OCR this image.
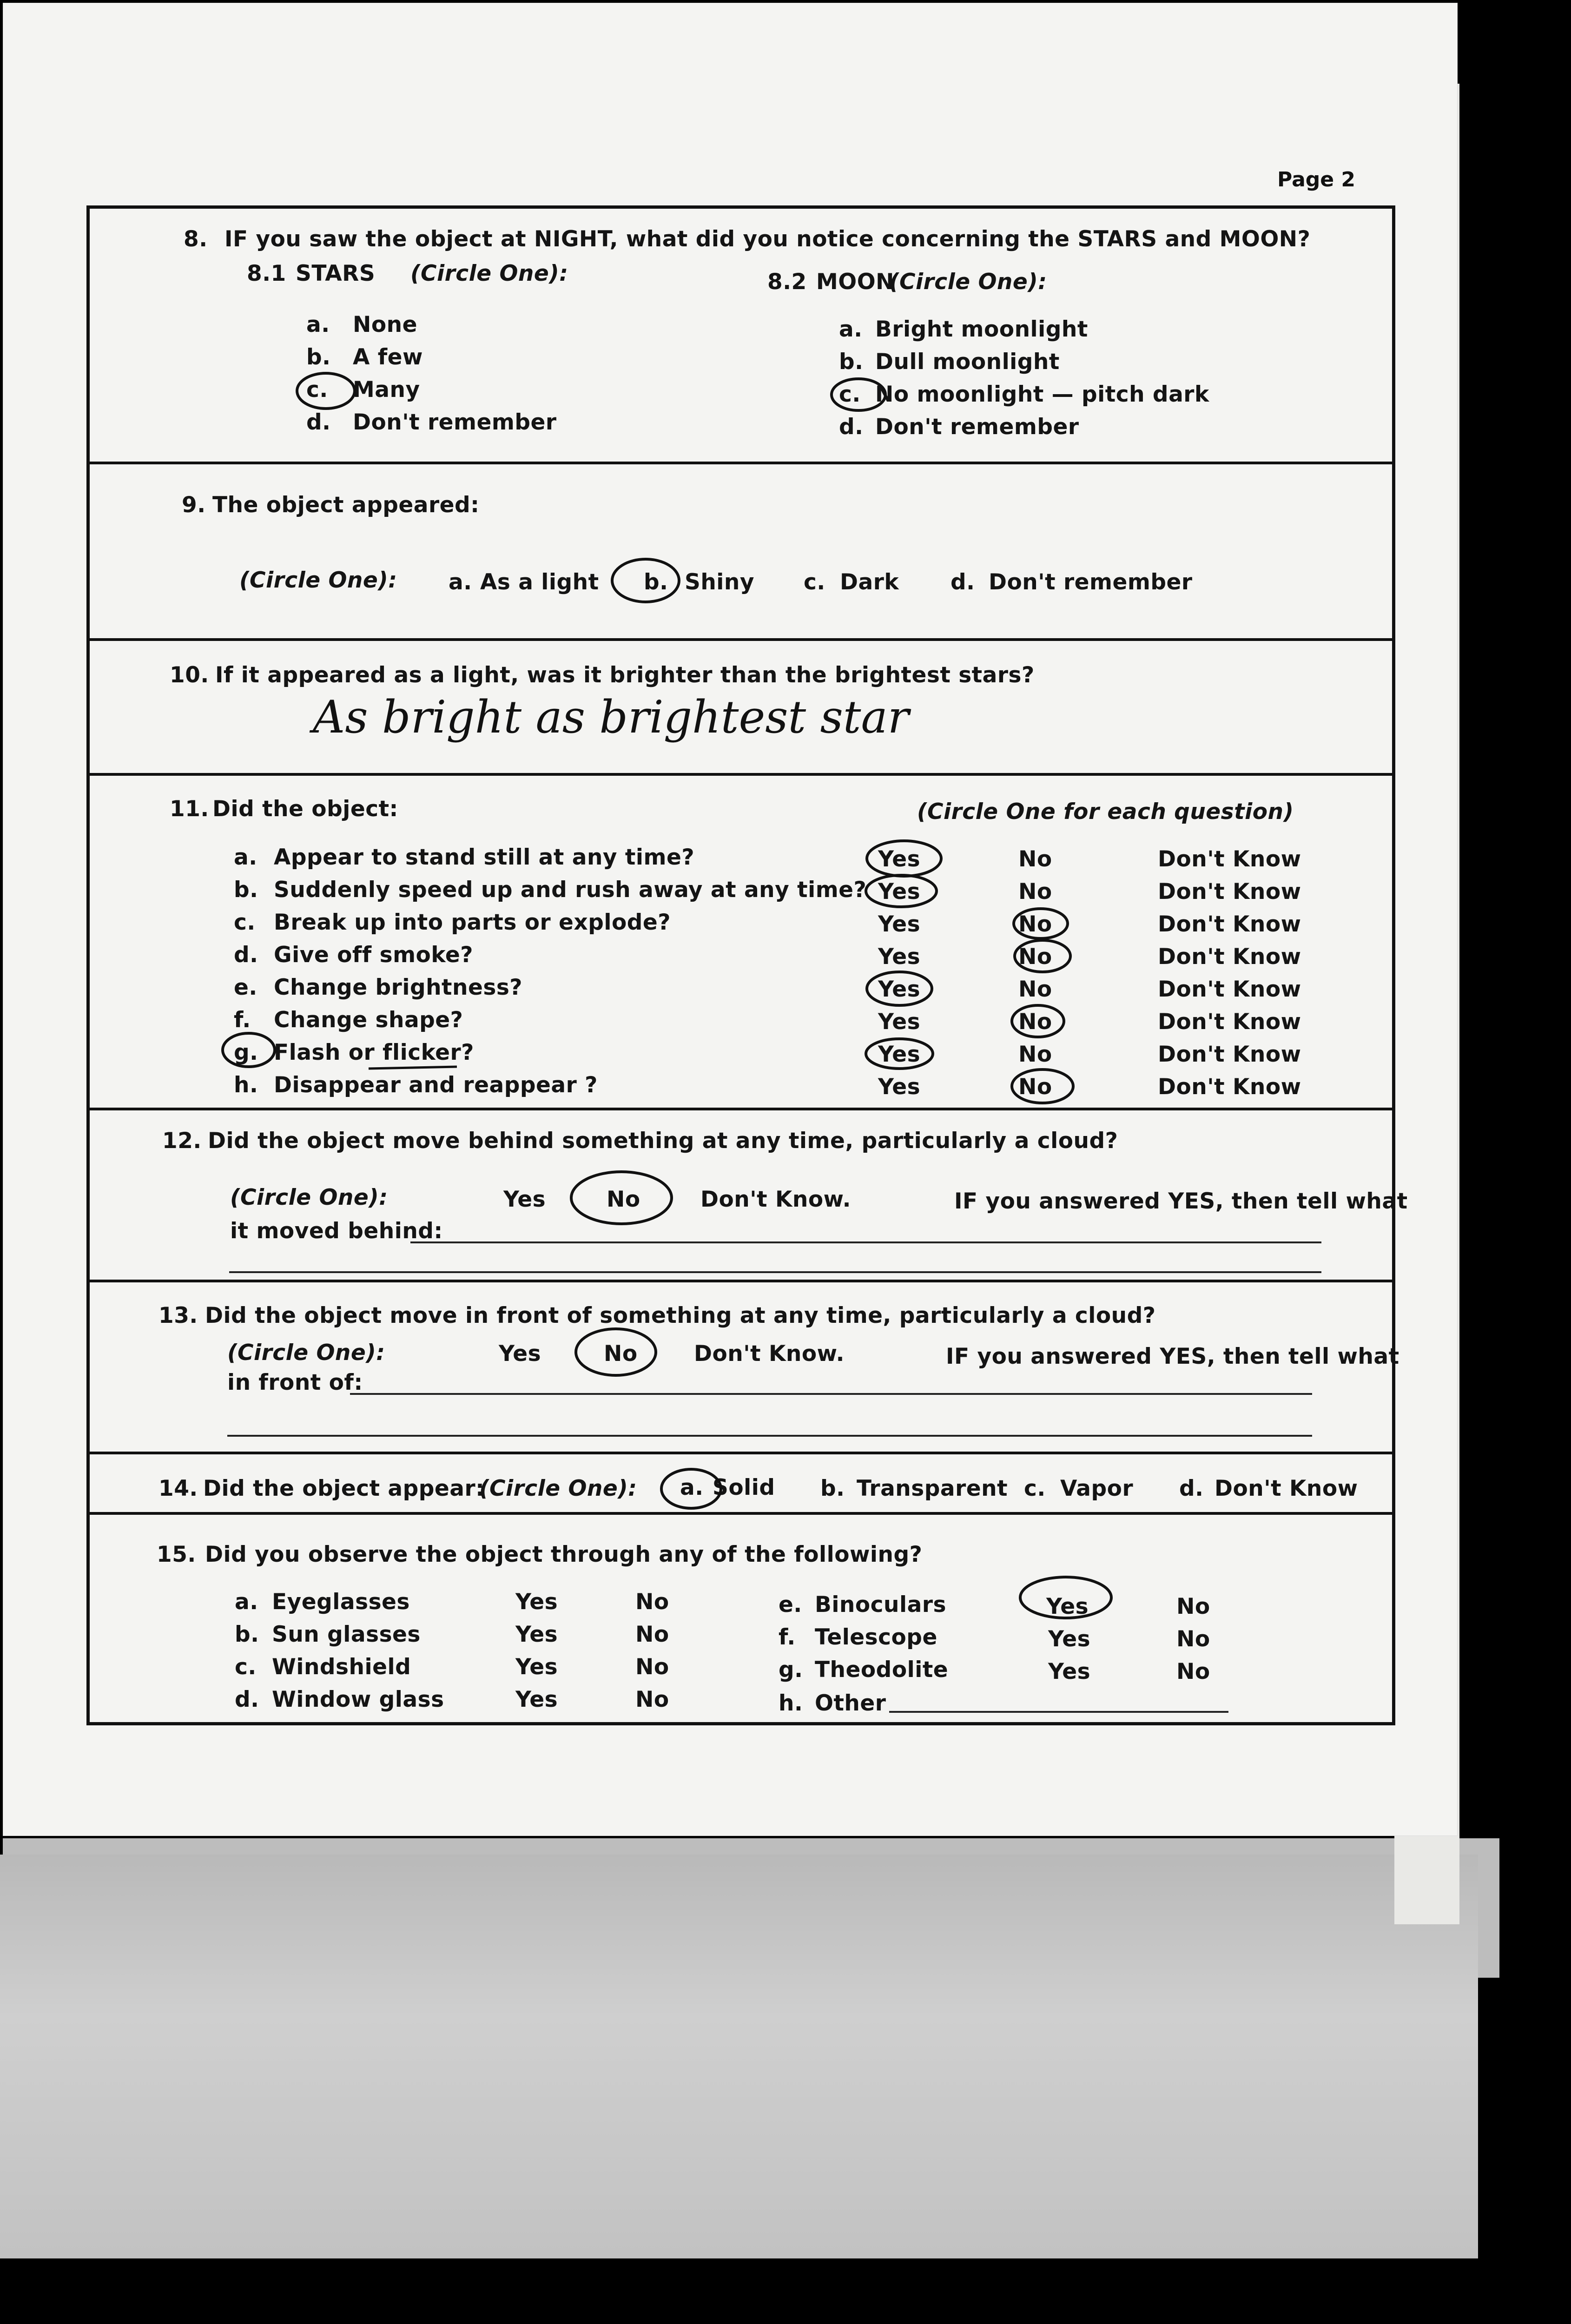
Page 2
8. IF you saw the object at NIGHT, what did you notice concerning the STARS and MOON?
8.1 STARS (Circle One):
a. None
b. A few
c. Many
d. Don't remember
8.2 MOON
(Circle One):
a. Bright moonlight
b. Dull moonlight
c. No moonlight — pitch dark
d. Don't remember
9. The object appeared:
(Circle One): a. As a light b. Shiny c. Dark d. Don't remember
10. If it appeared as a light, was it brighter than the brightest stars?
As bright as brightest star
11. Did the object:	(Circle One for each question)
a. Appear to stand still at any time?	Yes	No	Don't Know
b. Suddenly speed up and rush away at any time? Yes	No	Don't Know
c. Break up into parts or explode?	Yes	No	Don't Know
d. Give off smoke?	Yes	No	Don't Know
e. Change brightness?	Yes	No	Don't Know
f. Change shape?	Yes	No	Don't Know
g. Flash or flicker?	Yes	No	Don't Know
h. Disappear and reappear ?	Yes	No	Don't Know
12. Did the object move behind something at any time, particularly a cloud?
(Circle One):	Yes	No	Don't Know.	IF you answered YES, then tell what
it moved behind:
13. Did the object move in front of something at any time, particularly a cloud?
(Circle One):	Yes	No	Don't Know.	IF you answered YES, then tell what
in front of:
14. Did the object appear:
(Circle One): a. Solid b. Transparent c. Vapor d. Don't Know
15. Did you observe the object through any of the following?
a. Eyeglasses	Yes	No
b. Sun glasses	Yes	No
c. Windshield	Yes	No
d. Window glass	Yes	No
e. Binoculars	Yes	No
f. Telescope	Yes	No
g. Theodolite	Yes	No
h. Other
